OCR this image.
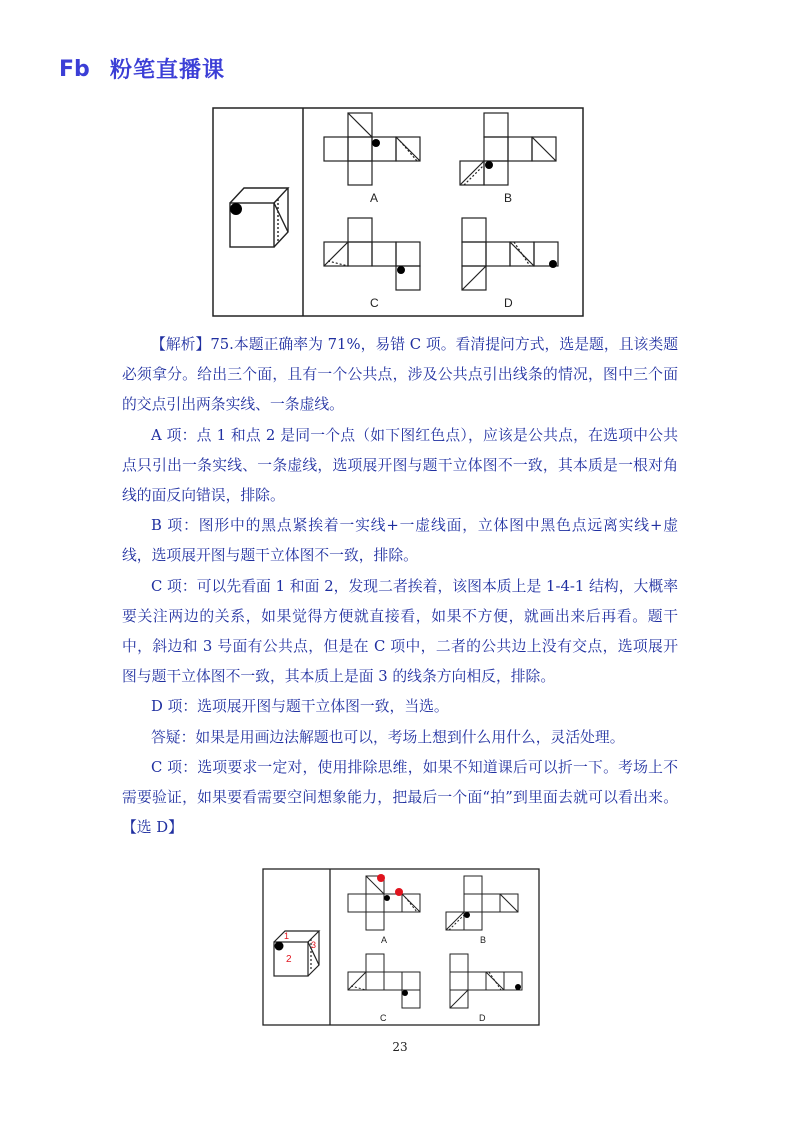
Fb 粉笔直播课
A	B
C	D

【解析】75.本题正确率为 71%，易错 C 项。看清提问方式，选是题，且该类题必须拿分。给出三个面，且有一个公共点，涉及公共点引出线条的情况，图中三个面的交点引出两条实线、一条虚线。

A 项：点 1 和点 2 是同一个点（如下图红色点），应该是公共点，在选项中公共点只引出一条实线、一条虚线，选项展开图与题干立体图不一致，其本质是一根对角线的面反向错误，排除。

B 项：图形中的黑点紧挨着一实线+一虚线面，立体图中黑色点远离实线+虚线，选项展开图与题干立体图不一致，排除。

C 项：可以先看面 1 和面 2，发现二者挨着，该图本质上是 1-4-1 结构，大概率要关注两边的关系，如果觉得方便就直接看，如果不方便，就画出来后再看。题干中，斜边和 3 号面有公共点，但是在 C 项中，二者的公共边上没有交点，选项展开图与题干立体图不一致，其本质上是面 3 的线条方向相反，排除。

D 项：选项展开图与题干立体图一致，当选。

答疑：如果是用画边法解题也可以，考场上想到什么用什么，灵活处理。

C 项：选项要求一定对，使用排除思维，如果不知道课后可以折一下。考场上不需要验证，如果要看需要空间想象能力，把最后一个面“拍”到里面去就可以看出来。【选 D】

1
2
3	A	B
C	D
23
